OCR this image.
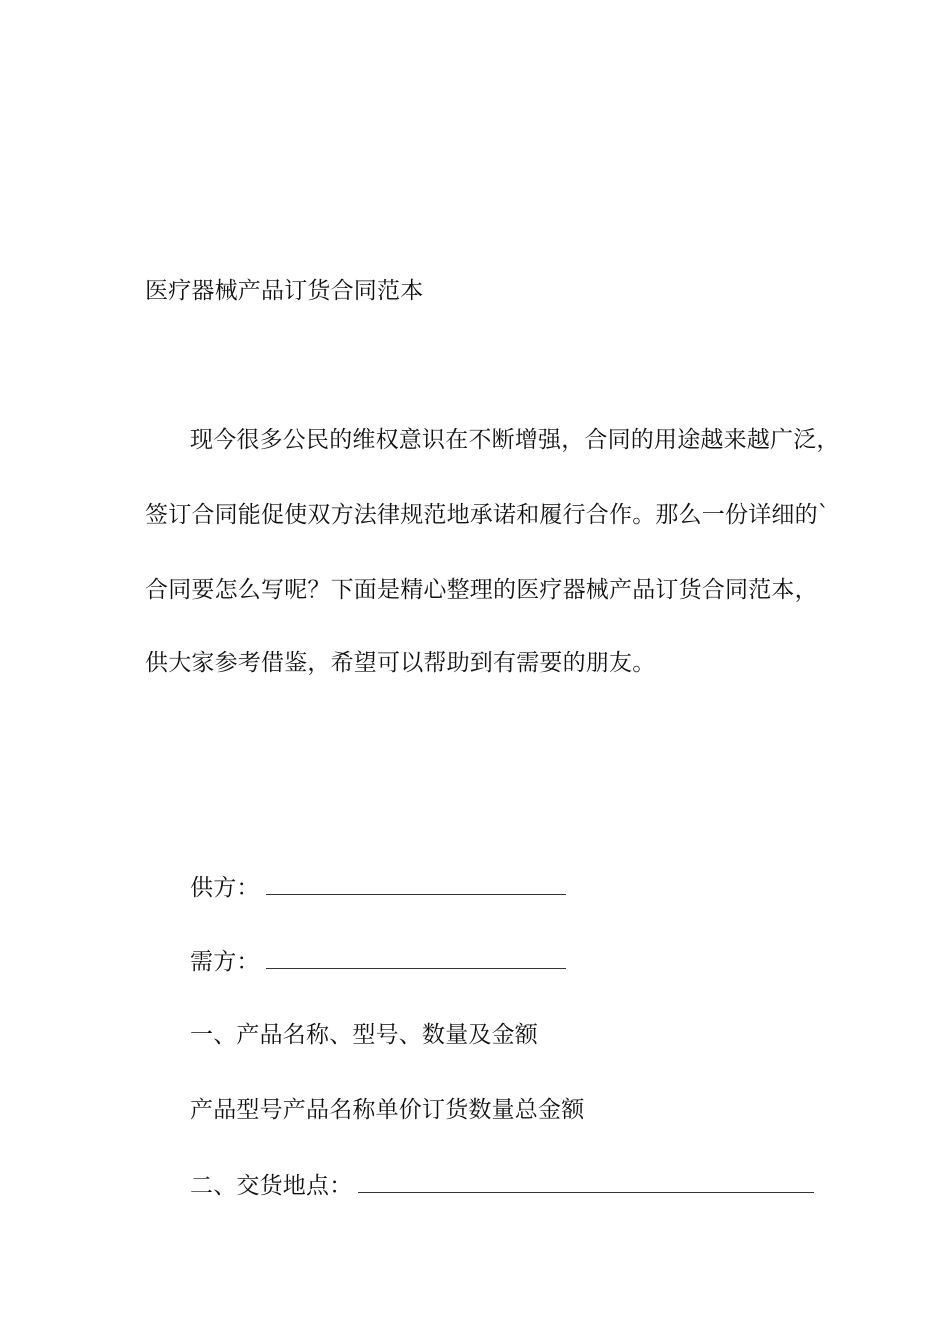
医疗器械产品订货合同范本
现今很多公民的维权意识在不断增强，合同的用途越来越广泛，
签订合同能促使双方法律规范地承诺和履行合作。那么一份详细的`
合同要怎么写呢？下面是精心整理的医疗器械产品订货合同范本，
供大家参考借鉴，希望可以帮助到有需要的朋友。
供方：
需方：
一、产品名称、型号、数量及金额
产品型号产品名称单价订货数量总金额
二、交货地点：
